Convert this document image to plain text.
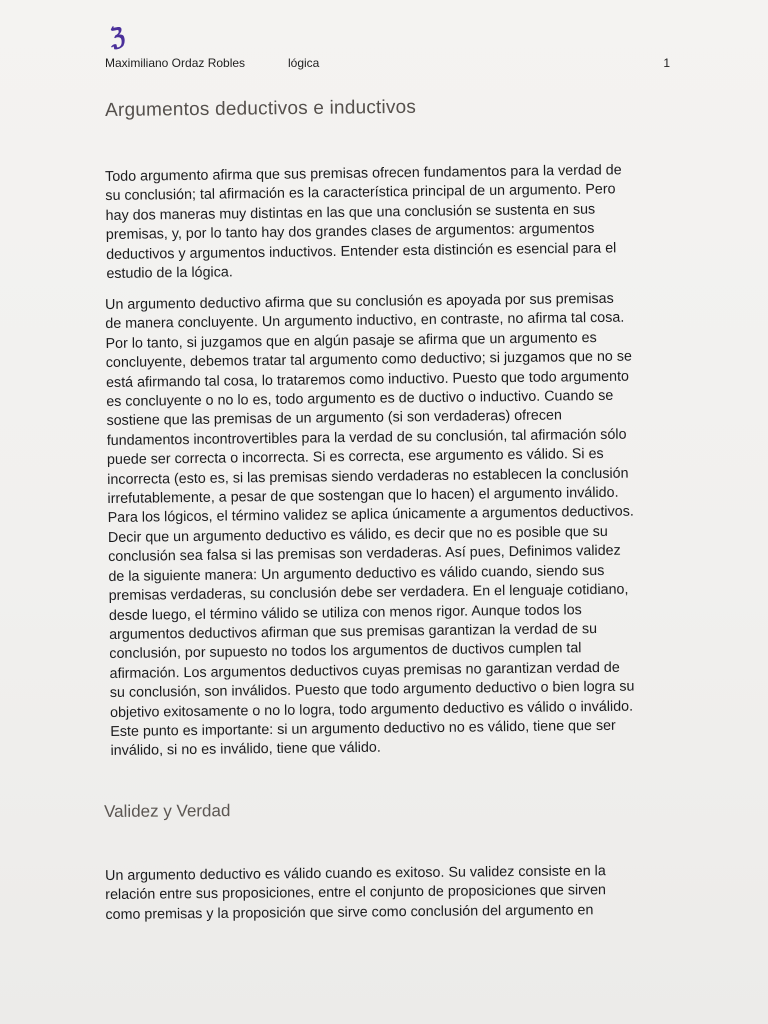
ℨ
Maximiliano Ordaz Robles	lógica	1
Argumentos deductivos e inductivos
Todo argumento afirma que sus premisas ofrecen fundamentos para la verdad de
su conclusión; tal afirmación es la característica principal de un argumento. Pero
hay dos maneras muy distintas en las que una conclusión se sustenta en sus
premisas, y, por lo tanto hay dos grandes clases de argumentos: argumentos
deductivos y argumentos inductivos. Entender esta distinción es esencial para el
estudio de la lógica.
Un argumento deductivo afirma que su conclusión es apoyada por sus premisas
de manera concluyente. Un argumento inductivo, en contraste, no afirma tal cosa.
Por lo tanto, si juzgamos que en algún pasaje se afirma que un argumento es
concluyente, debemos tratar tal argumento como deductivo; si juzgamos que no se
está afirmando tal cosa, lo trataremos como inductivo. Puesto que todo argumento
es concluyente o no lo es, todo argumento es de ductivo o inductivo. Cuando se
sostiene que las premisas de un argumento (si son verdaderas) ofrecen
fundamentos incontrovertibles para la verdad de su conclusión, tal afirmación sólo
puede ser correcta o incorrecta. Si es correcta, ese argumento es válido. Si es
incorrecta (esto es, si las premisas siendo verdaderas no establecen la conclusión
irrefutablemente, a pesar de que sostengan que lo hacen) el argumento inválido.
Para los lógicos, el término validez se aplica únicamente a argumentos deductivos.
Decir que un argumento deductivo es válido, es decir que no es posible que su
conclusión sea falsa si las premisas son verdaderas. Así pues, Definimos validez
de la siguiente manera: Un argumento deductivo es válido cuando, siendo sus
premisas verdaderas, su conclusión debe ser verdadera. En el lenguaje cotidiano,
desde luego, el término válido se utiliza con menos rigor. Aunque todos los
argumentos deductivos afirman que sus premisas garantizan la verdad de su
conclusión, por supuesto no todos los argumentos de ductivos cumplen tal
afirmación. Los argumentos deductivos cuyas premisas no garantizan verdad de
su conclusión, son inválidos. Puesto que todo argumento deductivo o bien logra su
objetivo exitosamente o no lo logra, todo argumento deductivo es válido o inválido.
Este punto es importante: si un argumento deductivo no es válido, tiene que ser
inválido, si no es inválido, tiene que válido.
Validez y Verdad
Un argumento deductivo es válido cuando es exitoso. Su validez consiste en la
relación entre sus proposiciones, entre el conjunto de proposiciones que sirven
como premisas y la proposición que sirve como conclusión del argumento en
